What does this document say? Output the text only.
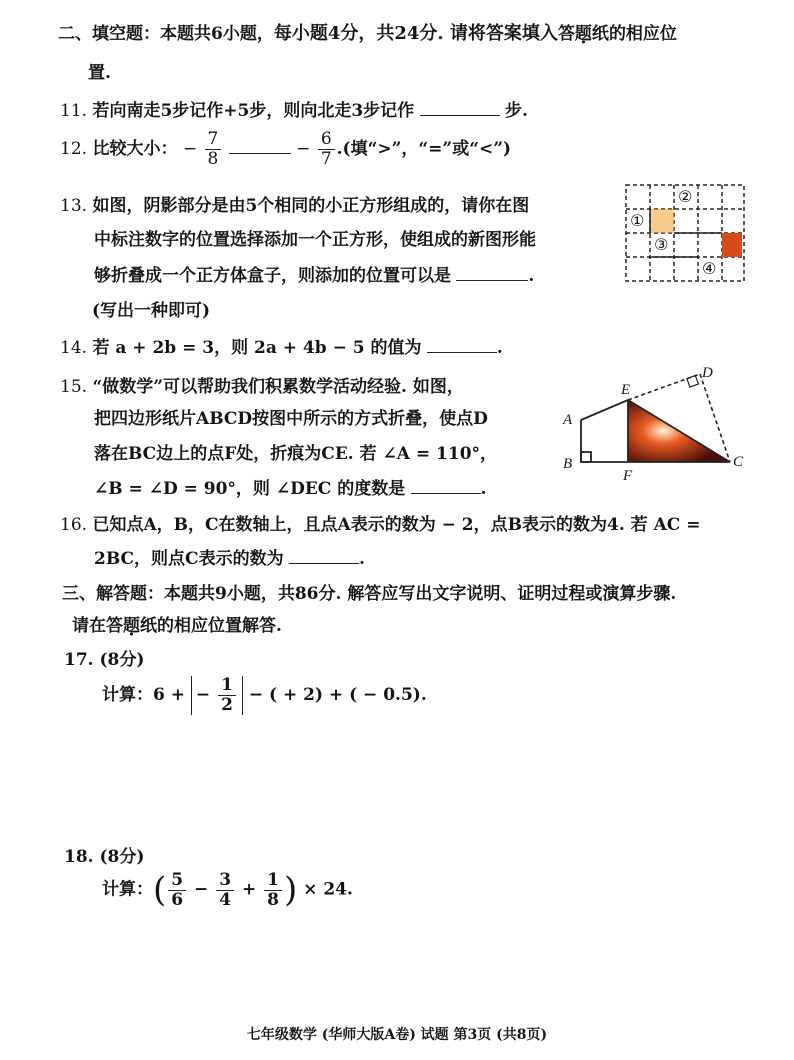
二、填空题：本题共6小题，每小题4分，共24分. 请将答案填入答题纸的相应位
置.
11. 若向南走5步记作+5步，则向北走3步记作	步.
12. 比较大小： − $\frac{7}{8}$	− $\frac{6}{7}$ .(填“>”，“=”或“<”)
13. 如图，阴影部分是由5个相同的小正方形组成的，请你在图
中标注数字的位置选择添加一个正方形，使组成的新图形能
够折叠成一个正方体盒子，则添加的位置可以是	.
(写出一种即可)
①
②
③
④
14. 若 a + 2b = 3，则 2a + 4b − 5 的值为	.
15. “做数学”可以帮助我们积累数学活动经验. 如图，
把四边形纸片ABCD按图中所示的方式折叠，使点D
落在BC边上的点F处，折痕为CE. 若 ∠A = 110°，
∠B = ∠D = 90°，则 ∠DEC 的度数是	.
A
B	C
D
E
F
16. 已知点A，B，C在数轴上，且点A表示的数为 − 2，点B表示的数为4. 若 AC =
2BC，则点C表示的数为	.
三、解答题：本题共9小题，共86分. 解答应写出文字说明、证明过程或演算步骤.
请在答题纸的相应位置解答.
17. (8分)
计算：6 + − $\frac{1}{2}$ − ( + 2) + ( − 0.5).
18. (8分)
计算：( $\frac{5}{6} - \frac{3}{4} + \frac{1}{8}$ ) × 24.
七年级数学 (华师大版A卷) 试题 第3页 (共8页)
